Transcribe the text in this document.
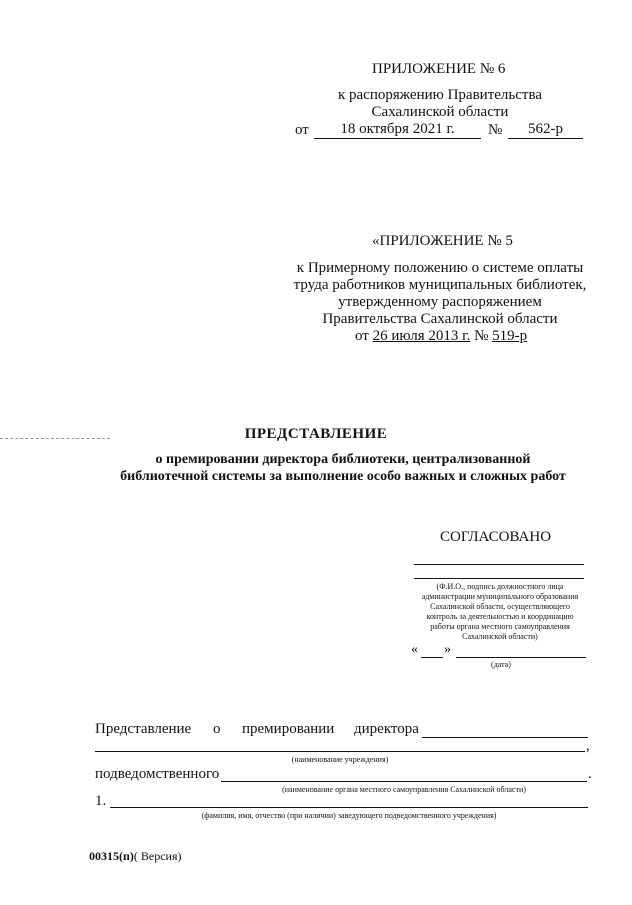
ПРИЛОЖЕНИЕ № 6
к распоряжению Правительства
Сахалинской области
от	18 октября 2021 г.	№	562-р
«ПРИЛОЖЕНИЕ № 5
к Примерному положению о системе оплаты
труда работников муниципальных библиотек,
утвержденному распоряжением
Правительства Сахалинской области
от 26 июля 2013 г. № 519-р
ПРЕДСТАВЛЕНИЕ
о премировании директора библиотеки, централизованной
библиотечной системы за выполнение особо важных и сложных работ
СОГЛАСОВАНО
(Ф.И.О., подпись должностного лица
администрации муниципального образования
Сахалинской области, осуществляющего
контроль за деятельностью и координацию
работы органа местного самоуправления
Сахалинской области)
« »
(дата)
Представление о премировании директора
,
(наименование учреждения)
подведомственного	.
(наименование органа местного самоуправления Сахалинской области)
1.
(фамилия, имя, отчество (при наличии) заведующего подведомственного учреждения)
00315(п)( Версия)
